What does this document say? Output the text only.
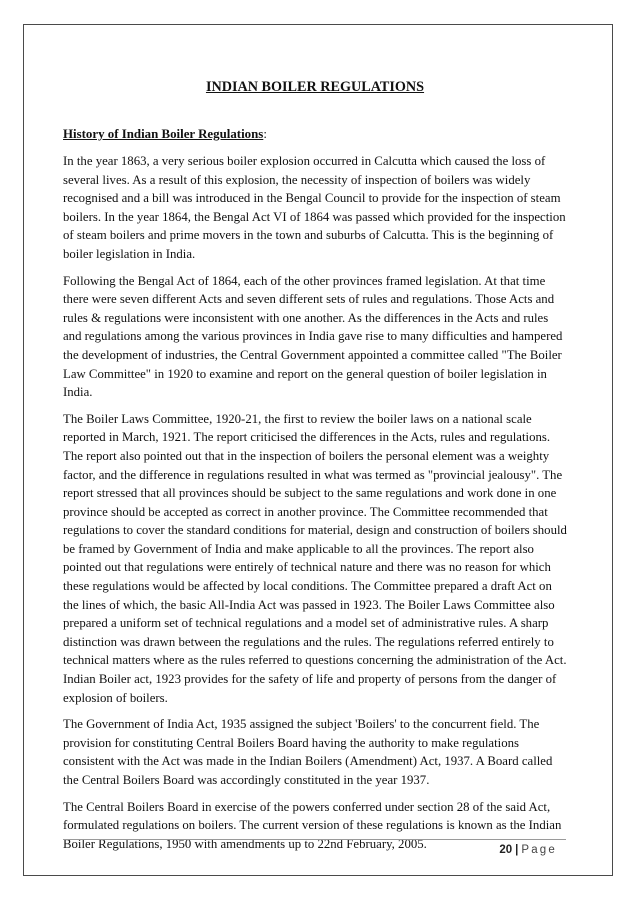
INDIAN BOILER REGULATIONS

History of Indian Boiler Regulations:

In the year 1863, a very serious boiler explosion occurred in Calcutta which caused the loss of several lives. As a result of this explosion, the necessity of inspection of boilers was widely recognised and a bill was introduced in the Bengal Council to provide for the inspection of steam boilers. In the year 1864, the Bengal Act VI of 1864 was passed which provided for the inspection of steam boilers and prime movers in the town and suburbs of Calcutta. This is the beginning of boiler legislation in India.

Following the Bengal Act of 1864, each of the other provinces framed legislation. At that time there were seven different Acts and seven different sets of rules and regulations. Those Acts and rules & regulations were inconsistent with one another. As the differences in the Acts and rules and regulations among the various provinces in India gave rise to many difficulties and hampered the development of industries, the Central Government appointed a committee called "The Boiler Law Committee" in 1920 to examine and report on the general question of boiler legislation in India.

The Boiler Laws Committee, 1920-21, the first to review the boiler laws on a national scale reported in March, 1921. The report criticised the differences in the Acts, rules and regulations. The report also pointed out that in the inspection of boilers the personal element was a weighty factor, and the difference in regulations resulted in what was termed as "provincial jealousy". The report stressed that all provinces should be subject to the same regulations and work done in one province should be accepted as correct in another province. The Committee recommended that regulations to cover the standard conditions for material, design and construction of boilers should be framed by Government of India and make applicable to all the provinces. The report also pointed out that regulations were entirely of technical nature and there was no reason for which these regulations would be affected by local conditions. The Committee prepared a draft Act on the lines of which, the basic All-India Act was passed in 1923. The Boiler Laws Committee also prepared a uniform set of technical regulations and a model set of administrative rules. A sharp distinction was drawn between the regulations and the rules. The regulations referred entirely to technical matters where as the rules referred to questions concerning the administration of the Act. Indian Boiler act, 1923 provides for the safety of life and property of persons from the danger of explosion of boilers.

The Government of India Act, 1935 assigned the subject 'Boilers' to the concurrent field. The provision for constituting Central Boilers Board having the authority to make regulations consistent with the Act was made in the Indian Boilers (Amendment) Act, 1937. A Board called the Central Boilers Board was accordingly constituted in the year 1937.

The Central Boilers Board in exercise of the powers conferred under section 28 of the said Act, formulated regulations on boilers. The current version of these regulations is known as the Indian Boiler Regulations, 1950 with amendments up to 22nd February, 2005.	20 | Page
